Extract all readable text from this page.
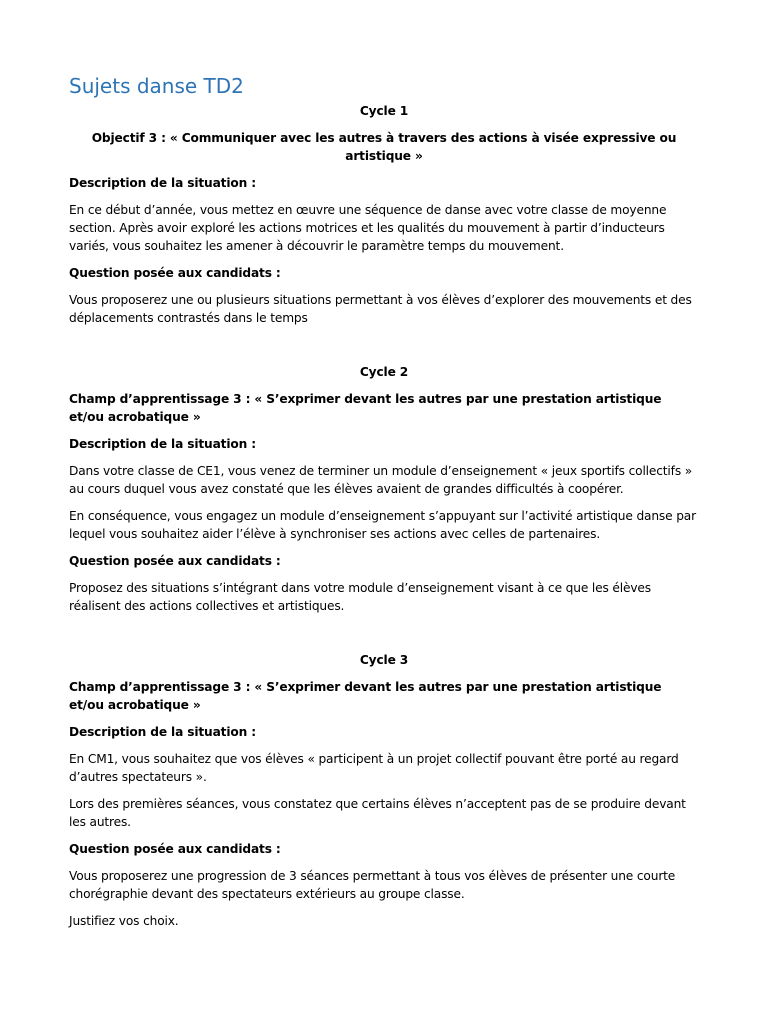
Sujets danse TD2

Cycle 1

Objectif 3 : « Communiquer avec les autres à travers des actions à visée expressive ou artistique »

Description de la situation :

En ce début d’année, vous mettez en œuvre une séquence de danse avec votre classe de moyenne section. Après avoir exploré les actions motrices et les qualités du mouvement à partir d’inducteurs variés, vous souhaitez les amener à découvrir le paramètre temps du mouvement.

Question posée aux candidats :

Vous proposerez une ou plusieurs situations permettant à vos élèves d’explorer des mouvements et des déplacements contrastés dans le temps

Cycle 2

Champ d’apprentissage 3 : « S’exprimer devant les autres par une prestation artistique et/ou acrobatique »

Description de la situation :

Dans votre classe de CE1, vous venez de terminer un module d’enseignement « jeux sportifs collectifs » au cours duquel vous avez constaté que les élèves avaient de grandes difficultés à coopérer.

En conséquence, vous engagez un module d’enseignement s’appuyant sur l’activité artistique danse par lequel vous souhaitez aider l’élève à synchroniser ses actions avec celles de partenaires.

Question posée aux candidats :

Proposez des situations s’intégrant dans votre module d’enseignement visant à ce que les élèves réalisent des actions collectives et artistiques.

Cycle 3

Champ d’apprentissage 3 : « S’exprimer devant les autres par une prestation artistique et/ou acrobatique »

Description de la situation :

En CM1, vous souhaitez que vos élèves « participent à un projet collectif pouvant être porté au regard d’autres spectateurs ».

Lors des premières séances, vous constatez que certains élèves n’acceptent pas de se produire devant les autres.

Question posée aux candidats :

Vous proposerez une progression de 3 séances permettant à tous vos élèves de présenter une courte chorégraphie devant des spectateurs extérieurs au groupe classe.

Justifiez vos choix.
